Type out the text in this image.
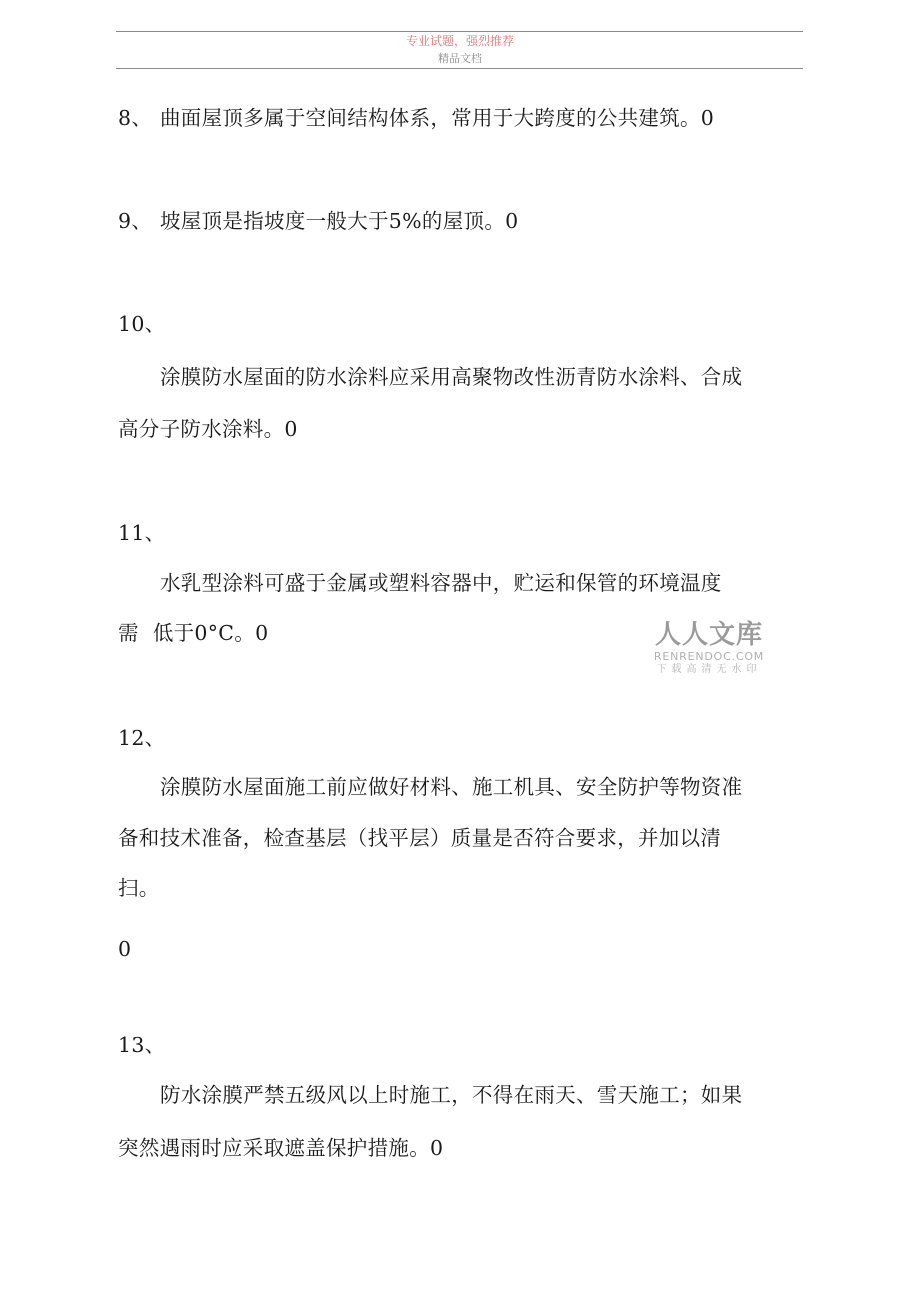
专业试题，强烈推荐
精品文档
8、 曲面屋顶多属于空间结构体系，常用于大跨度的公共建筑。0
9、 坡屋顶是指坡度一般大于5%的屋顶。0
10、
涂膜防水屋面的防水涂料应采用高聚物改性沥青防水涂料、合成
高分子防水涂料。0
11、
水乳型涂料可盛于金属或塑料容器中，贮运和保管的环境温度
需 低于0°C。0
12、
涂膜防水屋面施工前应做好材料、施工机具、安全防护等物资准
备和技术准备，检查基层（找平层）质量是否符合要求，并加以清
扫。
0
13、
防水涂膜严禁五级风以上时施工，不得在雨天、雪天施工；如果
突然遇雨时应采取遮盖保护措施。0
人人文库
RENRENDOC.COM
下载高清无水印
